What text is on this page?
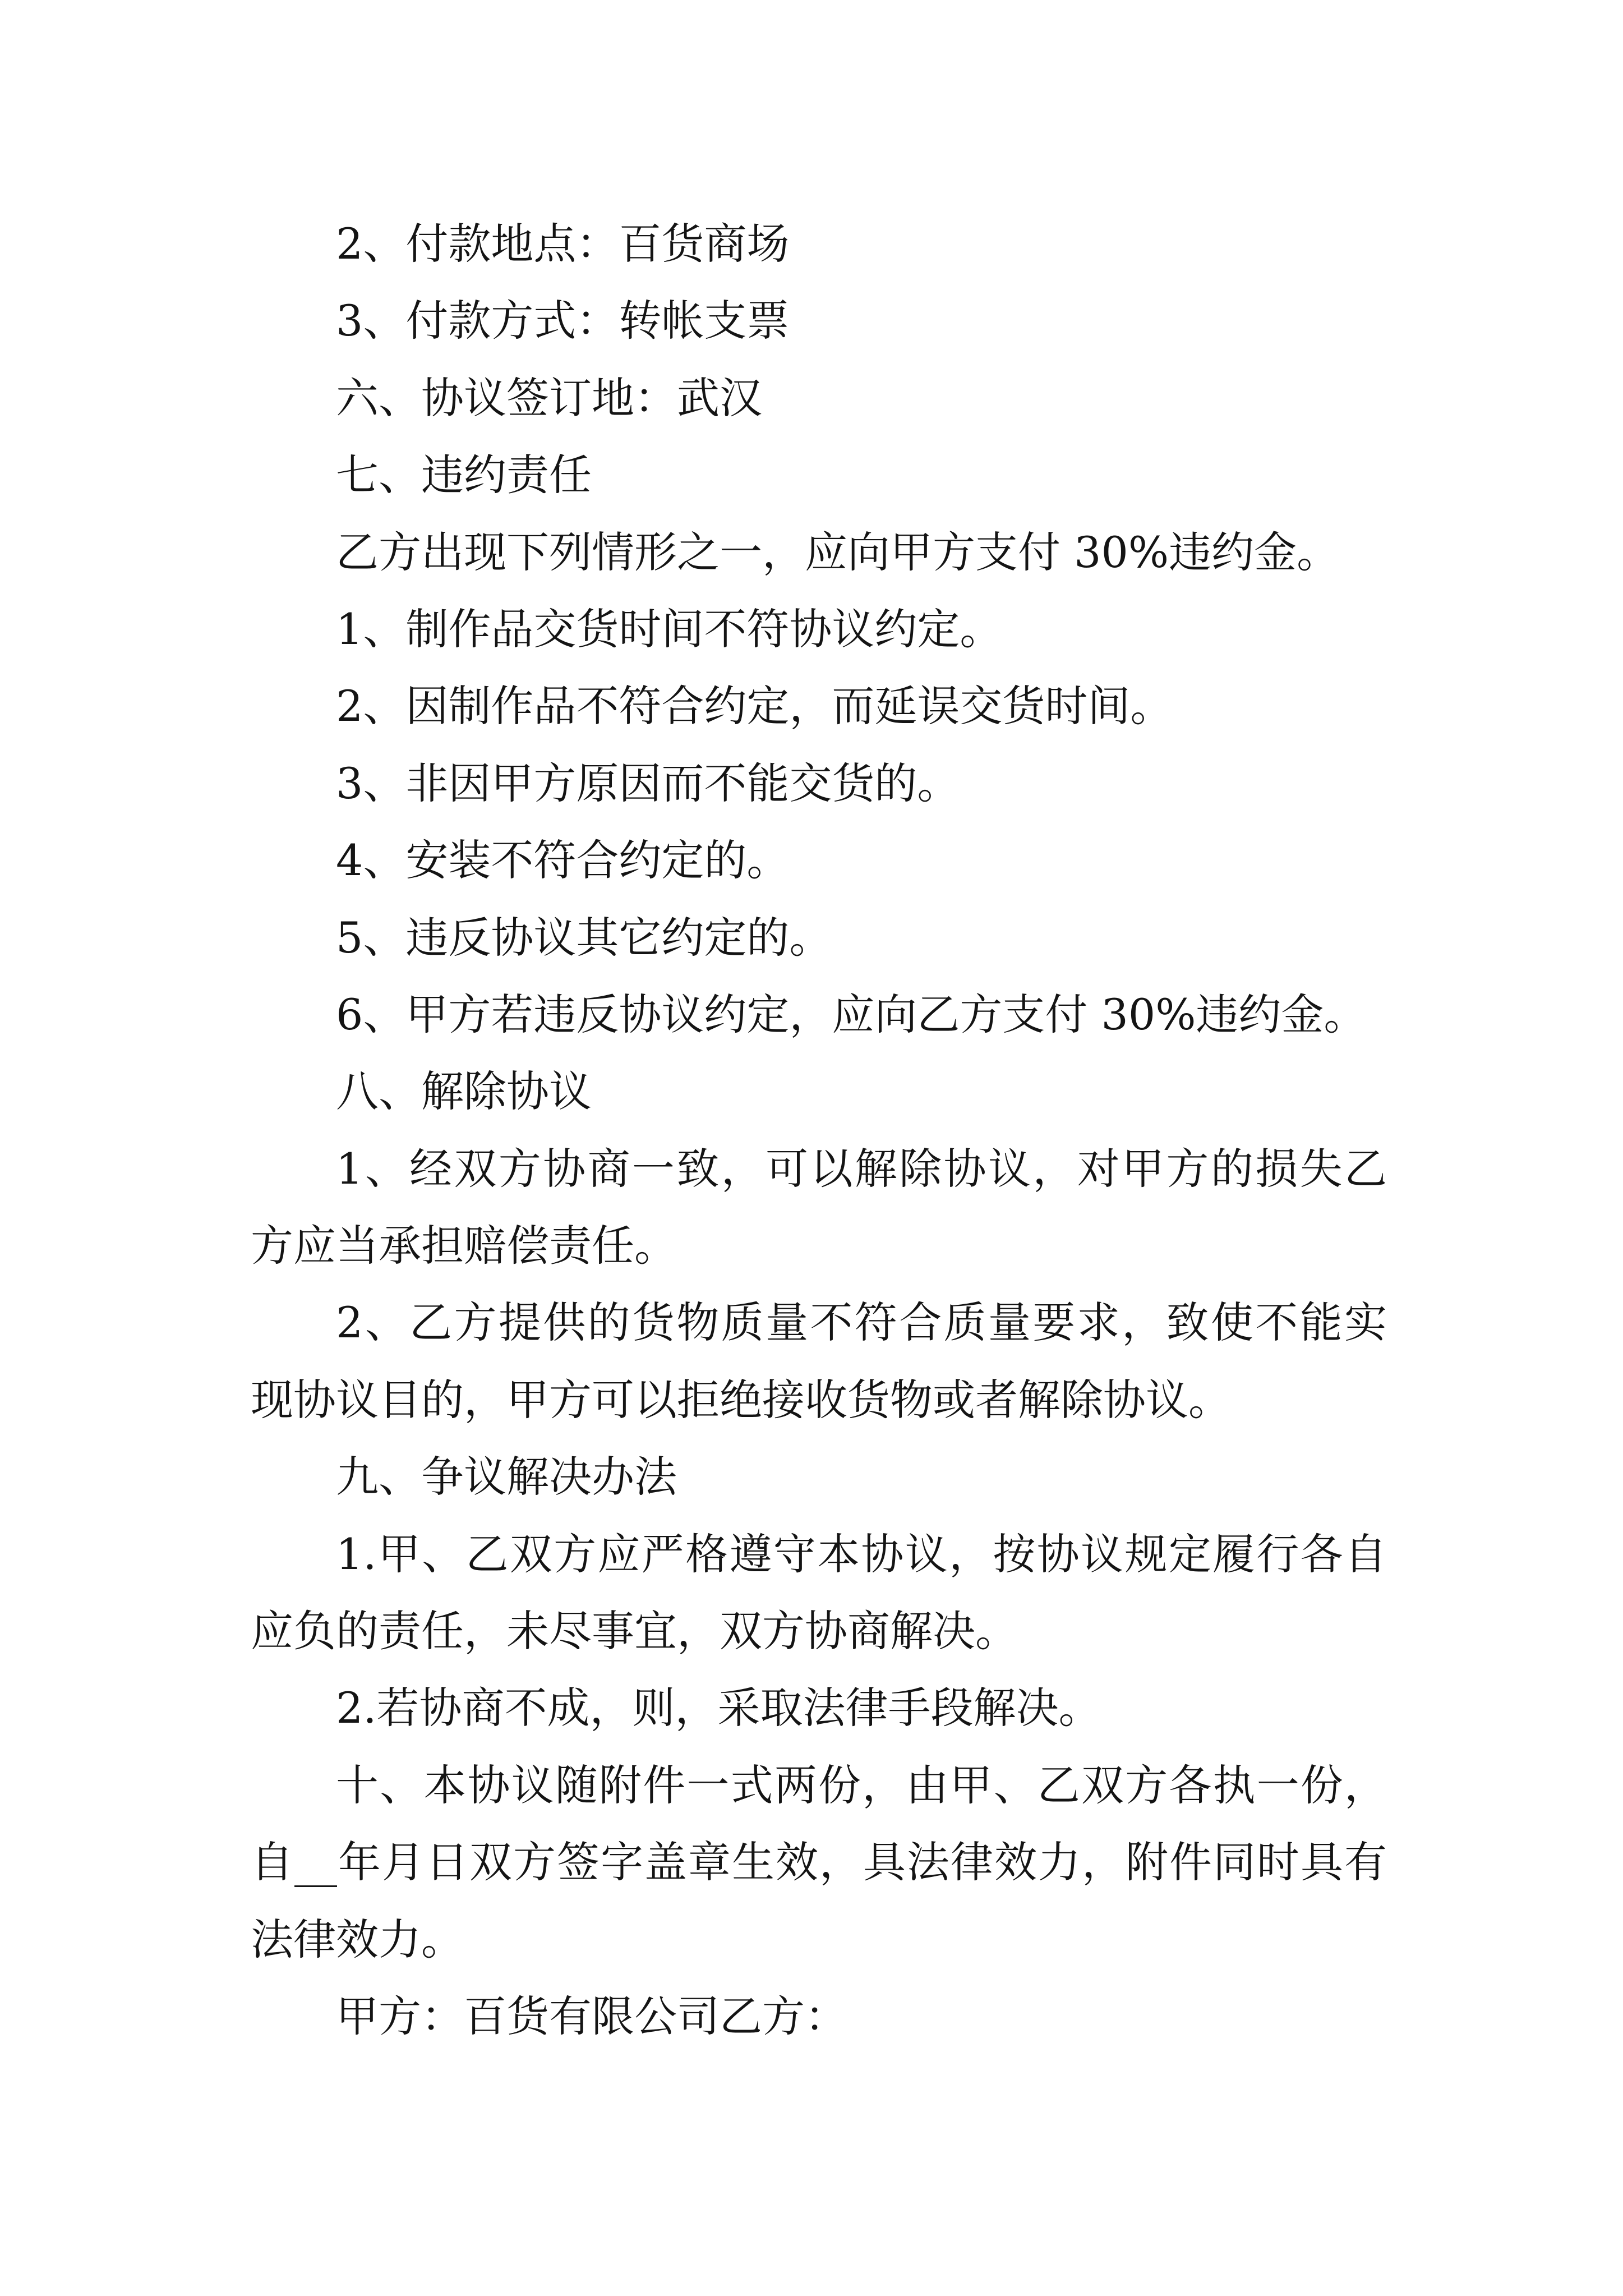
2、付款地点：百货商场
3、付款方式：转帐支票
六、协议签订地：武汉
七、违约责任
乙方出现下列情形之一，应向甲方支付 30%违约金。
1、制作品交货时间不符协议约定。
2、因制作品不符合约定，而延误交货时间。
3、非因甲方原因而不能交货的。
4、安装不符合约定的。
5、违反协议其它约定的。
6、甲方若违反协议约定，应向乙方支付 30%违约金。
八、解除协议
1、经双方协商一致，可以解除协议，对甲方的损失乙
方应当承担赔偿责任。
2、乙方提供的货物质量不符合质量要求，致使不能实
现协议目的，甲方可以拒绝接收货物或者解除协议。
九、争议解决办法
1.甲、乙双方应严格遵守本协议，按协议规定履行各自
应负的责任，未尽事宜，双方协商解决。
2.若协商不成，则，采取法律手段解决。
十、本协议随附件一式两份，由甲、乙双方各执一份，
自__年月日双方签字盖章生效，具法律效力，附件同时具有
法律效力。
甲方：百货有限公司乙方：
